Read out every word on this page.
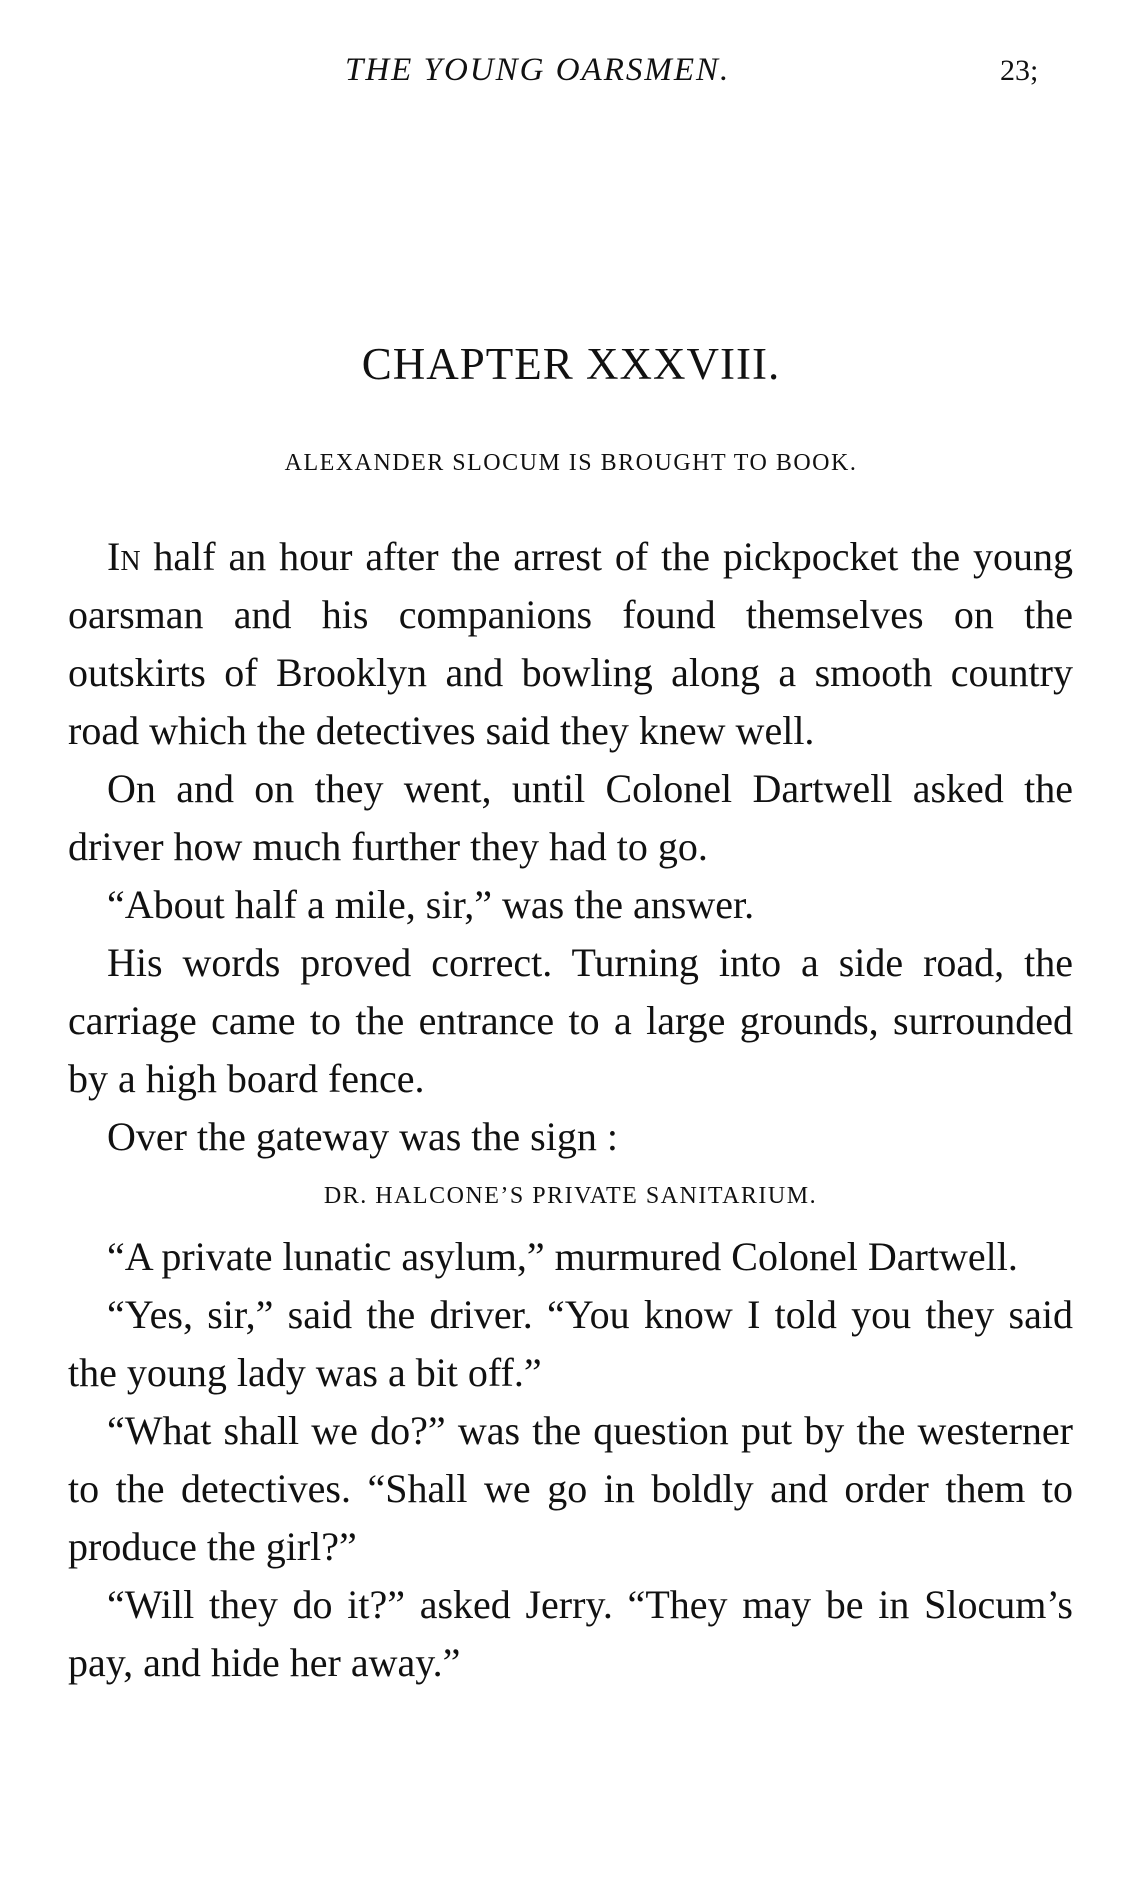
THE YOUNG OARSMEN.	23;
CHAPTER XXXVIII.
ALEXANDER SLOCUM IS BROUGHT TO BOOK.

In half an hour after the arrest of the pickpocket the young oarsman and his companions found themselves on the outskirts of Brooklyn and bowling along a smooth country road which the detectives said they knew well.

On and on they went, until Colonel Dartwell asked the driver how much further they had to go.

“About half a mile, sir,” was the answer.

His words proved correct. Turning into a side road, the carriage came to the entrance to a large grounds, surrounded by a high board fence.

Over the gateway was the sign :

DR. HALCONE’S PRIVATE SANITARIUM.

“A private lunatic asylum,” murmured Colonel Dartwell.

“Yes, sir,” said the driver. “You know I told you they said the young lady was a bit off.”

“What shall we do?” was the question put by the westerner to the detectives. “Shall we go in boldly and order them to produce the girl?”

“Will they do it?” asked Jerry. “They may be in Slocum’s pay, and hide her away.”
